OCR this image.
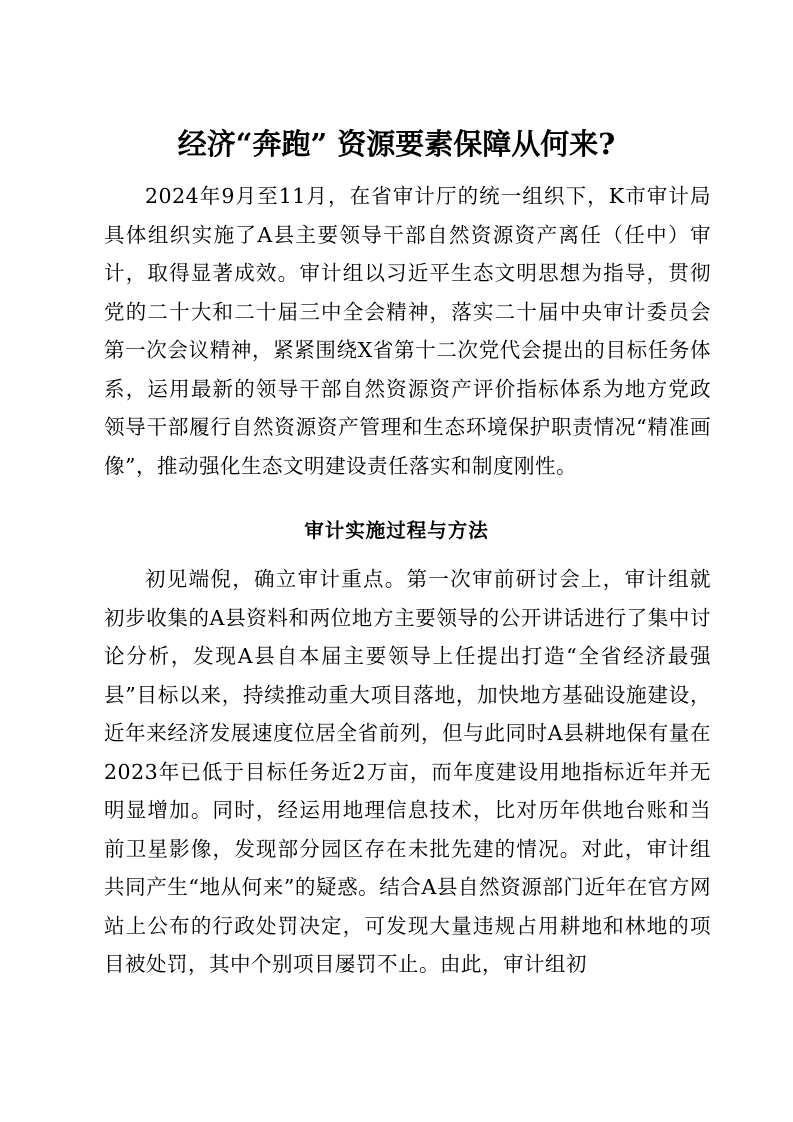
经济“奔跑” 资源要素保障从何来?

2024年9月至11月，在省审计厅的统一组织下，K市审计局具体组织实施了A县主要领导干部自然资源资产离任（任中）审计，取得显著成效。审计组以习近平生态文明思想为指导，贯彻党的二十大和二十届三中全会精神，落实二十届中央审计委员会第一次会议精神，紧紧围绕X省第十二次党代会提出的目标任务体系，运用最新的领导干部自然资源资产评价指标体系为地方党政领导干部履行自然资源资产管理和生态环境保护职责情况“精准画像”，推动强化生态文明建设责任落实和制度刚性。

审计实施过程与方法

初见端倪，确立审计重点。第一次审前研讨会上，审计组就初步收集的A县资料和两位地方主要领导的公开讲话进行了集中讨论分析，发现A县自本届主要领导上任提出打造“全省经济最强县”目标以来，持续推动重大项目落地，加快地方基础设施建设，近年来经济发展速度位居全省前列，但与此同时A县耕地保有量在2023年已低于目标任务近2万亩，而年度建设用地指标近年并无明显增加。同时，经运用地理信息技术，比对历年供地台账和当前卫星影像，发现部分园区存在未批先建的情况。对此，审计组共同产生“地从何来”的疑惑。结合A县自然资源部门近年在官方网站上公布的行政处罚决定，可发现大量违规占用耕地和林地的项目被处罚，其中个别项目屡罚不止。由此，审计组初
